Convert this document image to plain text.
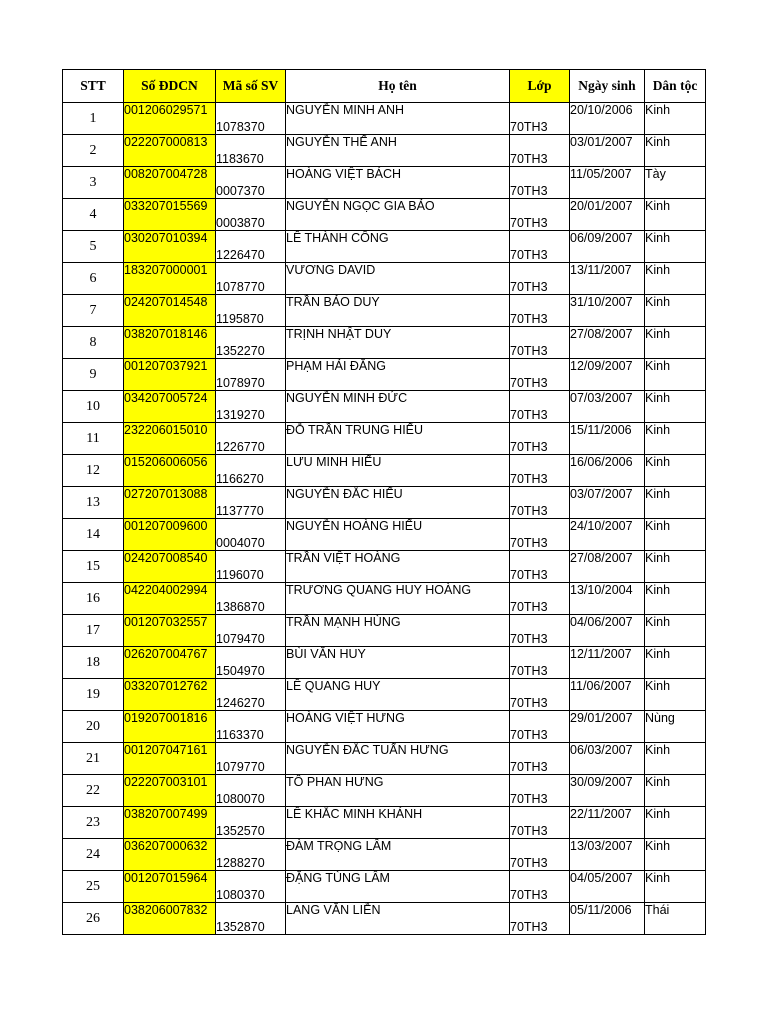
STT	Số ĐDCN	Mã số SV	Họ tên	Lớp	Ngày sinh	Dân tộc
1	001206029571	1078370	NGUYỄN MINH ANH	70TH3	20/10/2006	Kinh
2	022207000813	1183670	NGUYỄN THẾ ANH	70TH3	03/01/2007	Kinh
3	008207004728	0007370	HOÀNG VIỆT BÁCH	70TH3	11/05/2007	Tày
4	033207015569	0003870	NGUYỄN NGỌC GIA BẢO	70TH3	20/01/2007	Kinh
5	030207010394	1226470	LÊ THÀNH CÔNG	70TH3	06/09/2007	Kinh
6	183207000001	1078770	VƯƠNG DAVID	70TH3	13/11/2007	Kinh
7	024207014548	1195870	TRẦN BẢO DUY	70TH3	31/10/2007	Kinh
8	038207018146	1352270	TRỊNH NHẬT DUY	70TH3	27/08/2007	Kinh
9	001207037921	1078970	PHẠM HẢI ĐĂNG	70TH3	12/09/2007	Kinh
10	034207005724	1319270	NGUYỄN MINH ĐỨC	70TH3	07/03/2007	Kinh
11	232206015010	1226770	ĐỖ TRẦN TRUNG HIẾU	70TH3	15/11/2006	Kinh
12	015206006056	1166270	LƯU MINH HIẾU	70TH3	16/06/2006	Kinh
13	027207013088	1137770	NGUYỄN ĐẮC HIẾU	70TH3	03/07/2007	Kinh
14	001207009600	0004070	NGUYỄN HOÀNG HIẾU	70TH3	24/10/2007	Kinh
15	024207008540	1196070	TRẦN VIỆT HOÀNG	70TH3	27/08/2007	Kinh
16	042204002994	1386870	TRƯƠNG QUANG HUY HOÀNG	70TH3	13/10/2004	Kinh
17	001207032557	1079470	TRẦN MẠNH HÙNG	70TH3	04/06/2007	Kinh
18	026207004767	1504970	BÙI VĂN HUY	70TH3	12/11/2007	Kinh
19	033207012762	1246270	LÊ QUANG HUY	70TH3	11/06/2007	Kinh
20	019207001816	1163370	HOÀNG VIỆT HƯNG	70TH3	29/01/2007	Nùng
21	001207047161	1079770	NGUYỄN ĐẮC TUẤN HƯNG	70TH3	06/03/2007	Kinh
22	022207003101	1080070	TÔ PHAN HƯNG	70TH3	30/09/2007	Kinh
23	038207007499	1352570	LÊ KHẮC MINH KHÁNH	70TH3	22/11/2007	Kinh
24	036207000632	1288270	ĐÀM TRỌNG LÂM	70TH3	13/03/2007	Kinh
25	001207015964	1080370	ĐẶNG TÙNG LÂM	70TH3	04/05/2007	Kinh
26	038206007832	1352870	LANG VĂN LIỄN	70TH3	05/11/2006	Thái
